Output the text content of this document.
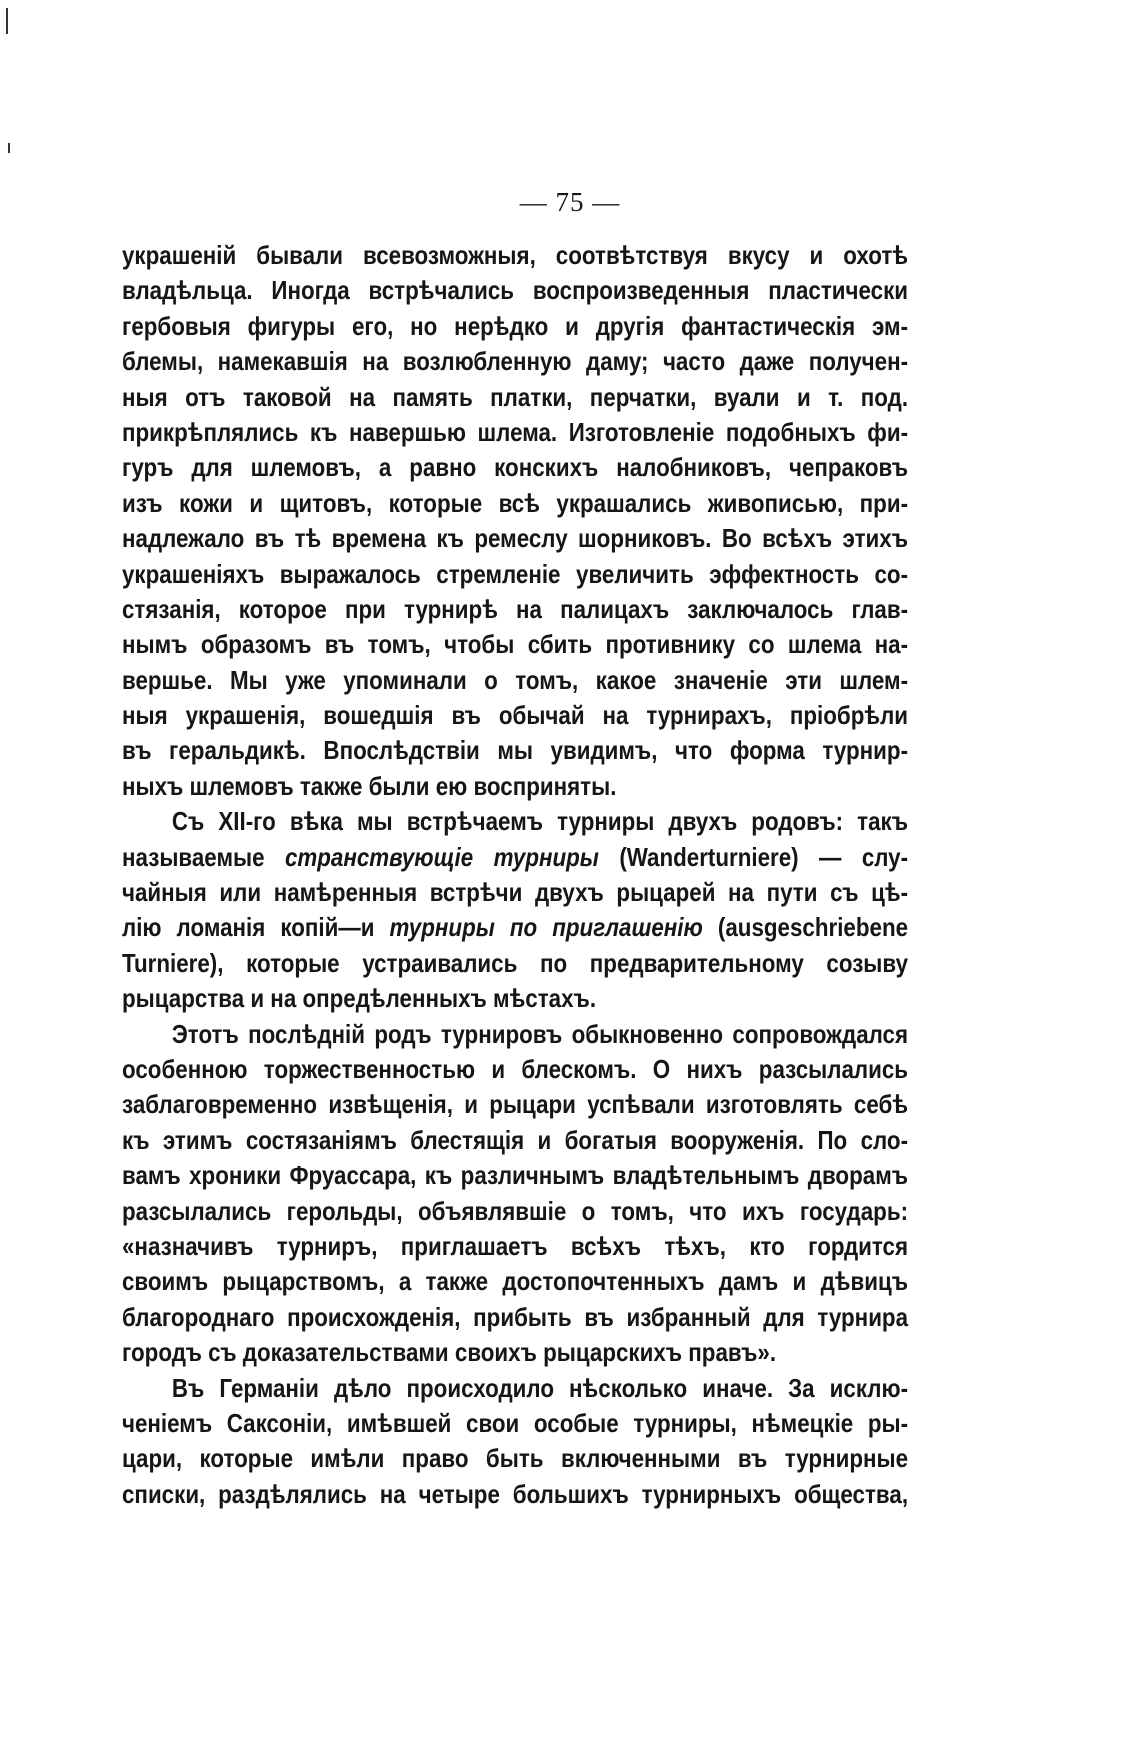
— 75 —
украшеній бывали всевозможныя, соотвѣтствуя вкусу и охотѣ
владѣльца. Иногда встрѣчались воспроизведенныя пластически
гербовыя фигуры его, но нерѣдко и другія фантастическія эм-
блемы, намекавшія на возлюбленную даму; часто даже получен-
ныя отъ таковой на память платки, перчатки, вуали и т. под.
прикрѣплялись къ навершью шлема. Изготовленіе подобныхъ фи-
гуръ для шлемовъ, а равно конскихъ налобниковъ, чепраковъ
изъ кожи и щитовъ, которые всѣ украшались живописью, при-
надлежало въ тѣ времена къ ремеслу шорниковъ. Во всѣхъ этихъ
украшеніяхъ выражалось стремленіе увеличить эффектность со-
стязанія, которое при турнирѣ на палицахъ заключалось глав-
нымъ образомъ въ томъ, чтобы сбить противнику со шлема на-
вершье. Мы уже упоминали о томъ, какое значеніе эти шлем-
ныя украшенія, вошедшія въ обычай на турнирахъ, пріобрѣли
въ геральдикѣ. Впослѣдствіи мы увидимъ, что форма турнир-
ныхъ шлемовъ также были ею восприняты.
Съ XII-го вѣка мы встрѣчаемъ турниры двухъ родовъ: такъ
называемые странствующіе турниры (Wanderturniere) — слу-
чайныя или намѣренныя встрѣчи двухъ рыцарей на пути съ цѣ-
лію ломанія копій—и турниры по приглашенію (ausgeschriebene
Turniere), которые устраивались по предварительному созыву
рыцарства и на опредѣленныхъ мѣстахъ.
Этотъ послѣдній родъ турнировъ обыкновенно сопровождался
особенною торжественностью и блескомъ. О нихъ разсылались
заблаговременно извѣщенія, и рыцари успѣвали изготовлять себѣ
къ этимъ состязаніямъ блестящія и богатыя вооруженія. По сло-
вамъ хроники Фруассара, къ различнымъ владѣтельнымъ дворамъ
разсылались герольды, объявлявшіе о томъ, что ихъ государь:
«назначивъ турниръ, приглашаетъ всѣхъ тѣхъ, кто гордится
своимъ рыцарствомъ, а также достопочтенныхъ дамъ и дѣвицъ
благороднаго происхожденія, прибыть въ избранный для турнира
городъ съ доказательствами своихъ рыцарскихъ правъ».
Въ Германіи дѣло происходило нѣсколько иначе. За исклю-
ченіемъ Саксоніи, имѣвшей свои особые турниры, нѣмецкіе ры-
цари, которые имѣли право быть включенными въ турнирные
списки, раздѣлялись на четыре большихъ турнирныхъ общества,
